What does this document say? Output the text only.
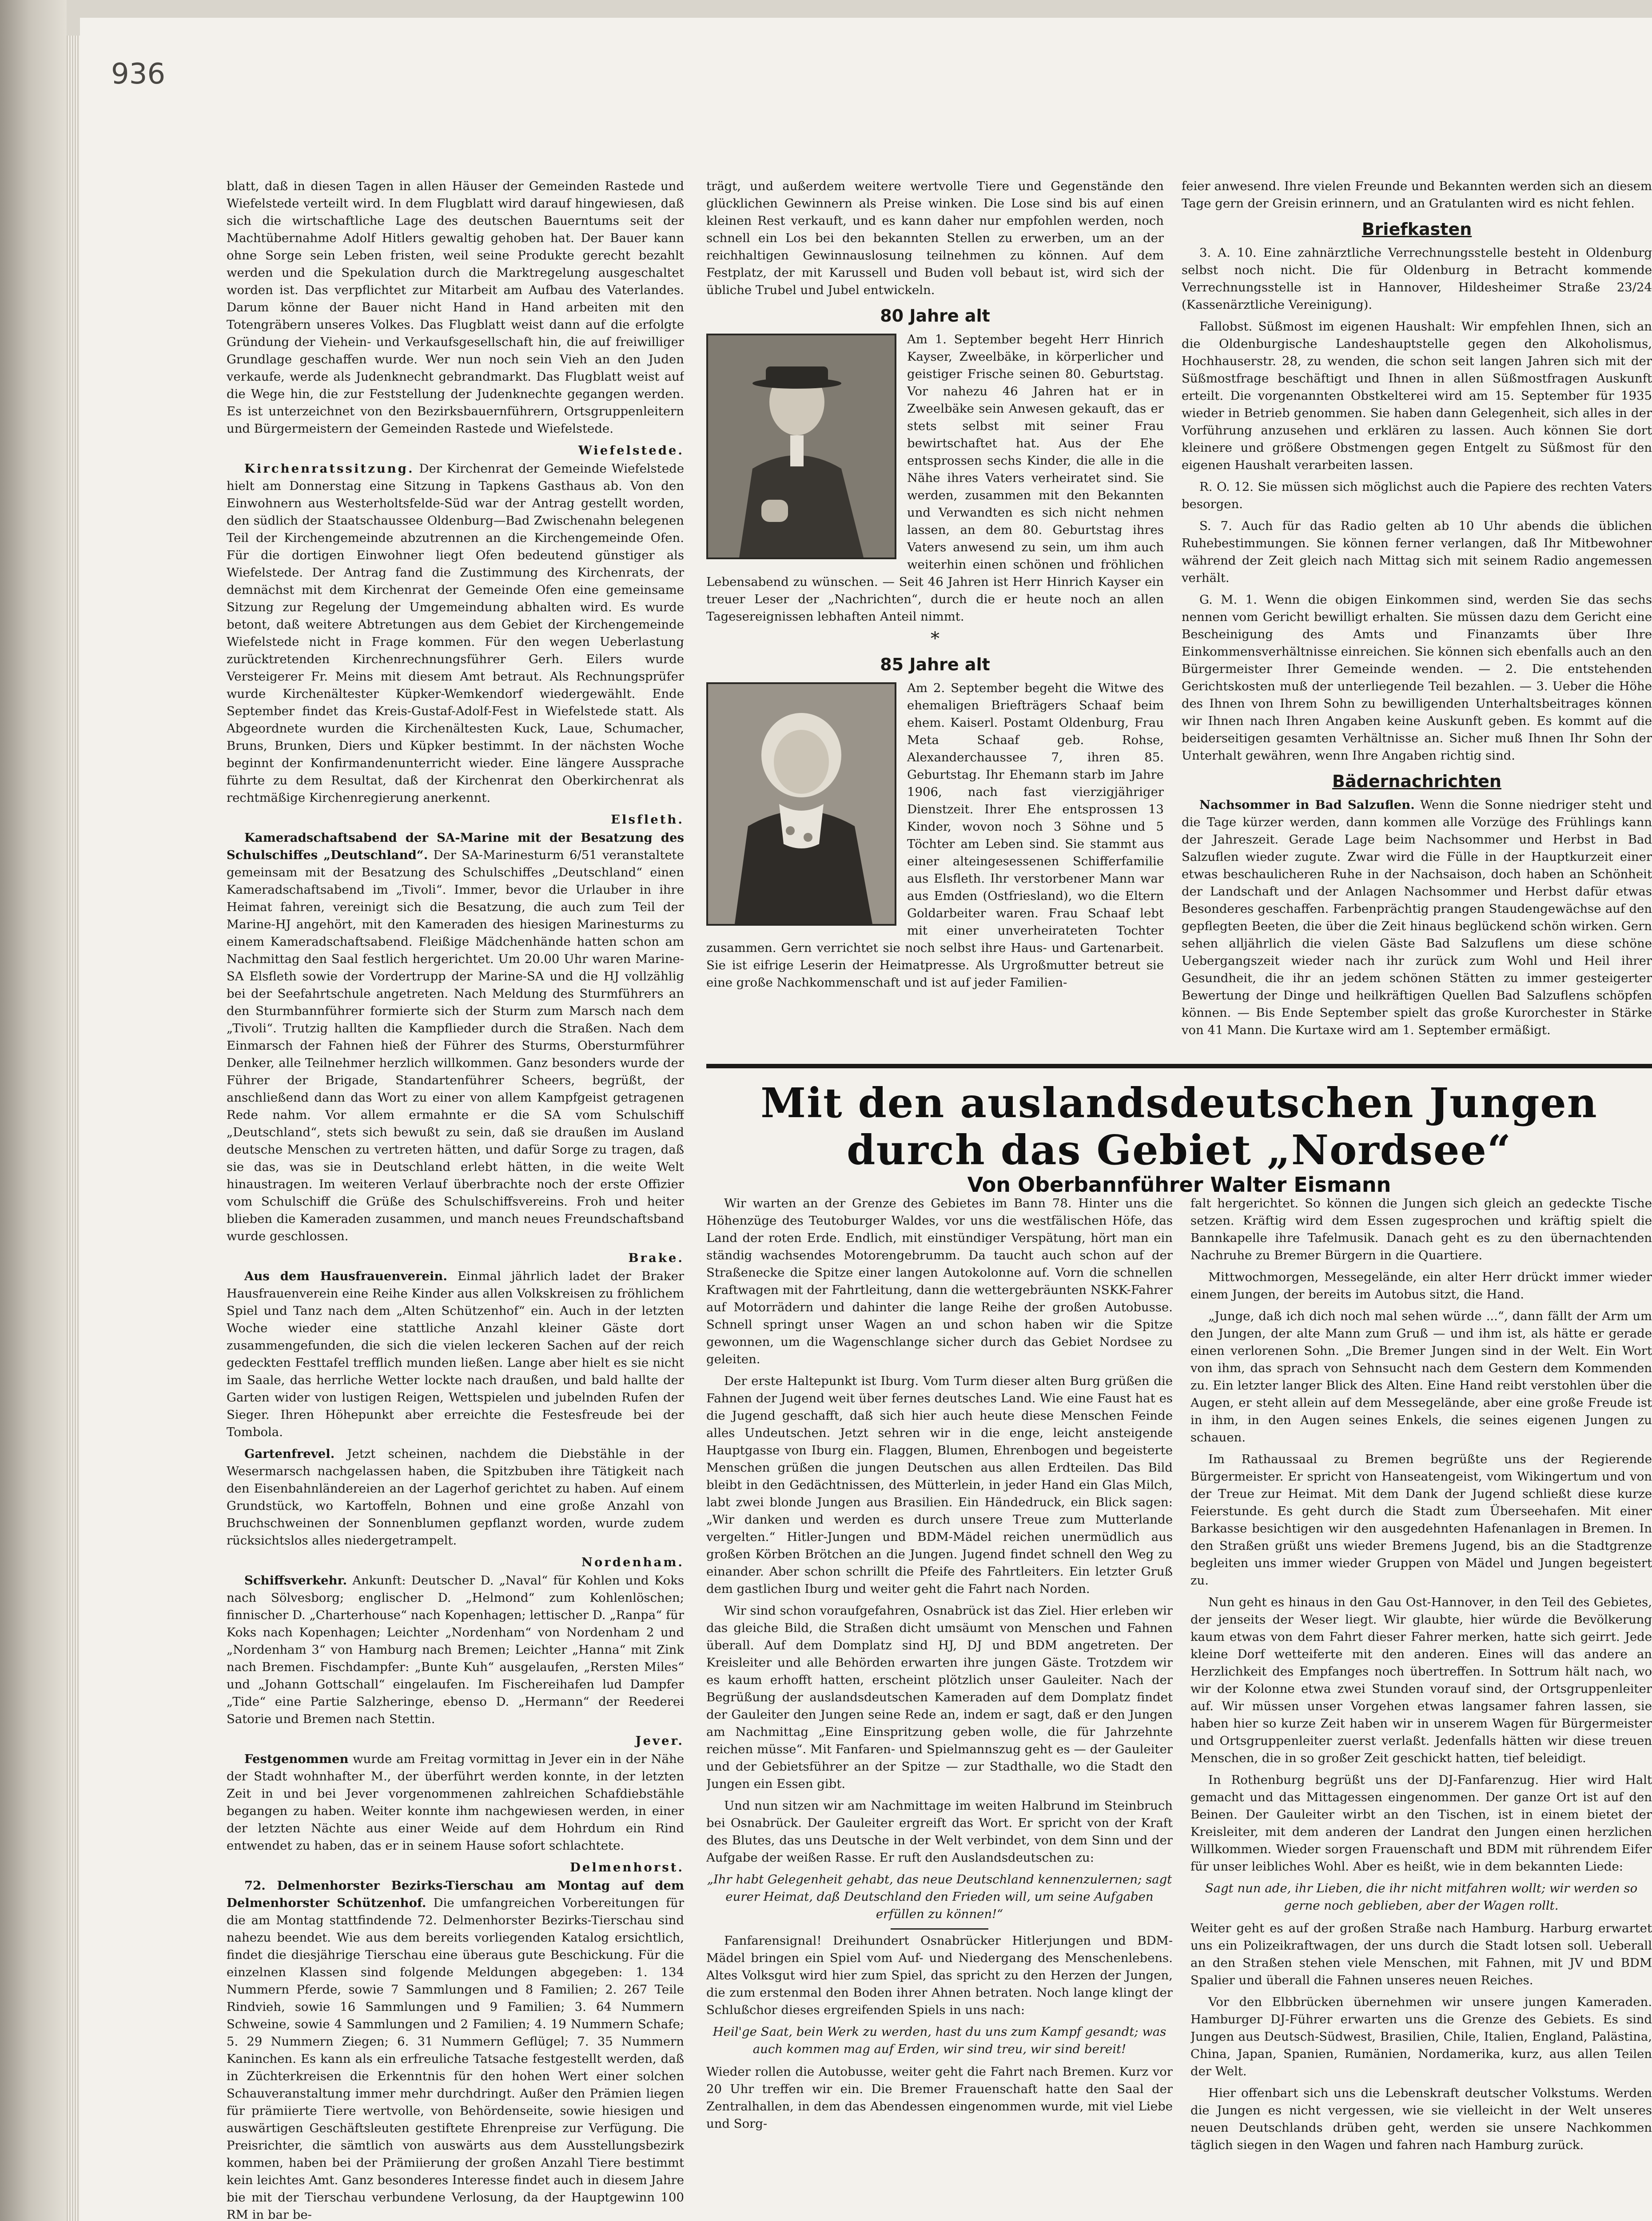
936

blatt, daß in diesen Tagen in allen Häuser der Gemeinden Rastede und Wiefelstede verteilt wird. In dem Flugblatt wird darauf hingewiesen, daß sich die wirtschaftliche Lage des deutschen Bauerntums seit der Machtübernahme Adolf Hitlers gewaltig gehoben hat. Der Bauer kann ohne Sorge sein Leben fristen, weil seine Produkte gerecht bezahlt werden und die Spekulation durch die Marktregelung ausgeschaltet worden ist. Das verpflichtet zur Mitarbeit am Aufbau des Vaterlandes. Darum könne der Bauer nicht Hand in Hand arbeiten mit den Totengräbern unseres Volkes. Das Flugblatt weist dann auf die erfolgte Gründung der Viehein- und Verkaufsgesellschaft hin, die auf freiwilliger Grundlage geschaffen wurde. Wer nun noch sein Vieh an den Juden verkaufe, werde als Judenknecht gebrandmarkt. Das Flugblatt weist auf die Wege hin, die zur Feststellung der Judenknechte gegangen werden. Es ist unterzeichnet von den Bezirksbauernführern, Ortsgruppenleitern und Bürgermeistern der Gemeinden Rastede und Wiefelstede.

Wiefelstede.

Kirchenratssitzung. Der Kirchenrat der Gemeinde Wiefelstede hielt am Donnerstag eine Sitzung in Tapkens Gasthaus ab. Von den Einwohnern aus Westerholtsfelde-Süd war der Antrag gestellt worden, den südlich der Staatschaussee Oldenburg—Bad Zwischenahn belegenen Teil der Kirchengemeinde abzutrennen an die Kirchengemeinde Ofen. Für die dortigen Einwohner liegt Ofen bedeutend günstiger als Wiefelstede. Der Antrag fand die Zustimmung des Kirchenrats, der demnächst mit dem Kirchenrat der Gemeinde Ofen eine gemeinsame Sitzung zur Regelung der Umgemeindung abhalten wird. Es wurde betont, daß weitere Abtretungen aus dem Gebiet der Kirchengemeinde Wiefelstede nicht in Frage kommen. Für den wegen Ueberlastung zurücktretenden Kirchenrechnungsführer Gerh. Eilers wurde Versteigerer Fr. Meins mit diesem Amt betraut. Als Rechnungsprüfer wurde Kirchenältester Küpker-Wemkendorf wiedergewählt. Ende September findet das Kreis-Gustaf-Adolf-Fest in Wiefelstede statt. Als Abgeordnete wurden die Kirchenältesten Kuck, Laue, Schumacher, Bruns, Brunken, Diers und Küpker bestimmt. In der nächsten Woche beginnt der Konfirmandenunterricht wieder. Eine längere Aussprache führte zu dem Resultat, daß der Kirchenrat den Oberkirchenrat als rechtmäßige Kirchenregierung anerkennt.

Elsfleth.

Kameradschaftsabend der SA-Marine mit der Besatzung des Schulschiffes „Deutschland“. Der SA-Marinesturm 6/51 veranstaltete gemeinsam mit der Besatzung des Schulschiffes „Deutschland“ einen Kameradschaftsabend im „Tivoli“. Immer, bevor die Urlauber in ihre Heimat fahren, vereinigt sich die Besatzung, die auch zum Teil der Marine-HJ angehört, mit den Kameraden des hiesigen Marinesturms zu einem Kameradschaftsabend. Fleißige Mädchenhände hatten schon am Nachmittag den Saal festlich hergerichtet. Um 20.00 Uhr waren Marine-SA Elsfleth sowie der Vordertrupp der Marine-SA und die HJ vollzählig bei der Seefahrtschule angetreten. Nach Meldung des Sturmführers an den Sturmbannführer formierte sich der Sturm zum Marsch nach dem „Tivoli“. Trutzig hallten die Kampflieder durch die Straßen. Nach dem Einmarsch der Fahnen hieß der Führer des Sturms, Obersturmführer Denker, alle Teilnehmer herzlich willkommen. Ganz besonders wurde der Führer der Brigade, Standartenführer Scheers, begrüßt, der anschließend dann das Wort zu einer von allem Kampfgeist getragenen Rede nahm. Vor allem ermahnte er die SA vom Schulschiff „Deutschland“, stets sich bewußt zu sein, daß sie draußen im Ausland deutsche Menschen zu vertreten hätten, und dafür Sorge zu tragen, daß sie das, was sie in Deutschland erlebt hätten, in die weite Welt hinaustragen. Im weiteren Verlauf überbrachte noch der erste Offizier vom Schulschiff die Grüße des Schulschiffsvereins. Froh und heiter blieben die Kameraden zusammen, und manch neues Freundschaftsband wurde geschlossen.

Brake.

Aus dem Hausfrauenverein. Einmal jährlich ladet der Braker Hausfrauenverein eine Reihe Kinder aus allen Volkskreisen zu fröhlichem Spiel und Tanz nach dem „Alten Schützenhof“ ein. Auch in der letzten Woche wieder eine stattliche Anzahl kleiner Gäste dort zusammengefunden, die sich die vielen leckeren Sachen auf der reich gedeckten Festtafel trefflich munden ließen. Lange aber hielt es sie nicht im Saale, das herrliche Wetter lockte nach draußen, und bald hallte der Garten wider von lustigen Reigen, Wettspielen und jubelnden Rufen der Sieger. Ihren Höhepunkt aber erreichte die Festesfreude bei der Tombola.

Gartenfrevel. Jetzt scheinen, nachdem die Diebstähle in der Wesermarsch nachgelassen haben, die Spitzbuben ihre Tätigkeit nach den Eisenbahnländereien an der Lagerhof gerichtet zu haben. Auf einem Grundstück, wo Kartoffeln, Bohnen und eine große Anzahl von Bruchschweinen der Sonnenblumen gepflanzt worden, wurde zudem rücksichtslos alles niedergetrampelt.

Nordenham.

Schiffsverkehr. Ankunft: Deutscher D. „Naval“ für Kohlen und Koks nach Sölvesborg; englischer D. „Helmond“ zum Kohlenlöschen; finnischer D. „Charterhouse“ nach Kopenhagen; lettischer D. „Ranpa“ für Koks nach Kopenhagen; Leichter „Nordenham“ von Nordenham 2 und „Nordenham 3“ von Hamburg nach Bremen; Leichter „Hanna“ mit Zink nach Bremen. Fischdampfer: „Bunte Kuh“ ausgelaufen, „Rersten Miles“ und „Johann Gottschall“ eingelaufen. Im Fischereihafen lud Dampfer „Tide“ eine Partie Salzheringe, ebenso D. „Hermann“ der Reederei Satorie und Bremen nach Stettin.

Jever.

Festgenommen wurde am Freitag vormittag in Jever ein in der Nähe der Stadt wohnhafter M., der überführt werden konnte, in der letzten Zeit in und bei Jever vorgenommenen zahlreichen Schafdiebstähle begangen zu haben. Weiter konnte ihm nachgewiesen werden, in einer der letzten Nächte aus einer Weide auf dem Hohrdum ein Rind entwendet zu haben, das er in seinem Hause sofort schlachtete.

Delmenhorst.

72. Delmenhorster Bezirks-Tierschau am Montag auf dem Delmenhorster Schützenhof. Die umfangreichen Vorbereitungen für die am Montag stattfindende 72. Delmenhorster Bezirks-Tierschau sind nahezu beendet. Wie aus dem bereits vorliegenden Katalog ersichtlich, findet die diesjährige Tierschau eine überaus gute Beschickung. Für die einzelnen Klassen sind folgende Meldungen abgegeben: 1. 134 Nummern Pferde, sowie 7 Sammlungen und 8 Familien; 2. 267 Teile Rindvieh, sowie 16 Sammlungen und 9 Familien; 3. 64 Nummern Schweine, sowie 4 Sammlungen und 2 Familien; 4. 19 Nummern Schafe; 5. 29 Nummern Ziegen; 6. 31 Nummern Geflügel; 7. 35 Nummern Kaninchen. Es kann als ein erfreuliche Tatsache festgestellt werden, daß in Züchterkreisen die Erkenntnis für den hohen Wert einer solchen Schauveranstaltung immer mehr durchdringt. Außer den Prämien liegen für prämiierte Tiere wertvolle, von Behördenseite, sowie hiesigen und auswärtigen Geschäftsleuten gestiftete Ehrenpreise zur Verfügung. Die Preisrichter, die sämtlich von auswärts aus dem Ausstellungsbezirk kommen, haben bei der Prämiierung der großen Anzahl Tiere bestimmt kein leichtes Amt. Ganz besonderes Interesse findet auch in diesem Jahre bie mit der Tierschau verbundene Verlosung, da der Hauptgewinn 100 RM in bar be-

trägt, und außerdem weitere wertvolle Tiere und Gegenstände den glücklichen Gewinnern als Preise winken. Die Lose sind bis auf einen kleinen Rest verkauft, und es kann daher nur empfohlen werden, noch schnell ein Los bei den bekannten Stellen zu erwerben, um an der reichhaltigen Gewinnauslosung teilnehmen zu können. Auf dem Festplatz, der mit Karussell und Buden voll bebaut ist, wird sich der übliche Trubel und Jubel entwickeln.

80 Jahre alt

Am 1. September begeht Herr Hinrich Kayser, Zweelbäke, in körperlicher und geistiger Frische seinen 80. Geburtstag. Vor nahezu 46 Jahren hat er in Zweelbäke sein Anwesen gekauft, das er stets selbst mit seiner Frau bewirtschaftet hat. Aus der Ehe entsprossen sechs Kinder, die alle in die Nähe ihres Vaters verheiratet sind. Sie werden, zusammen mit den Bekannten und Verwandten es sich nicht nehmen lassen, an dem 80. Geburtstag ihres Vaters anwesend zu sein, um ihm auch weiterhin einen schönen und fröhlichen Lebensabend zu wünschen. — Seit 46 Jahren ist Herr Hinrich Kayser ein treuer Leser der „Nachrichten“, durch die er heute noch an allen Tagesereignissen lebhaften Anteil nimmt.

*
85 Jahre alt

Am 2. September begeht die Witwe des ehemaligen Briefträgers Schaaf beim ehem. Kaiserl. Postamt Oldenburg, Frau Meta Schaaf geb. Rohse, Alexanderchaussee 7, ihren 85. Geburtstag. Ihr Ehemann starb im Jahre 1906, nach fast vierzigjähriger Dienstzeit. Ihrer Ehe entsprossen 13 Kinder, wovon noch 3 Söhne und 5 Töchter am Leben sind. Sie stammt aus einer alteingesessenen Schifferfamilie aus Elsfleth. Ihr verstorbener Mann war aus Emden (Ostfriesland), wo die Eltern Goldarbeiter waren. Frau Schaaf lebt mit einer unverheirateten Tochter zusammen. Gern verrichtet sie noch selbst ihre Haus- und Gartenarbeit. Sie ist eifrige Leserin der Heimatpresse. Als Urgroßmutter betreut sie eine große Nachkommenschaft und ist auf jeder Familien-

feier anwesend. Ihre vielen Freunde und Bekannten werden sich an diesem Tage gern der Greisin erinnern, und an Gratulanten wird es nicht fehlen.

Briefkasten

3. A. 10. Eine zahnärztliche Verrechnungsstelle besteht in Oldenburg selbst noch nicht. Die für Oldenburg in Betracht kommende Verrechnungsstelle ist in Hannover, Hildesheimer Straße 23/24 (Kassenärztliche Vereinigung).

Fallobst. Süßmost im eigenen Haushalt: Wir empfehlen Ihnen, sich an die Oldenburgische Landeshauptstelle gegen den Alkoholismus, Hochhauserstr. 28, zu wenden, die schon seit langen Jahren sich mit der Süßmostfrage beschäftigt und Ihnen in allen Süßmostfragen Auskunft erteilt. Die vorgenannten Obstkelterei wird am 15. September für 1935 wieder in Betrieb genommen. Sie haben dann Gelegenheit, sich alles in der Vorführung anzusehen und erklären zu lassen. Auch können Sie dort kleinere und größere Obstmengen gegen Entgelt zu Süßmost für den eigenen Haushalt verarbeiten lassen.

R. O. 12. Sie müssen sich möglichst auch die Papiere des rechten Vaters besorgen.

S. 7. Auch für das Radio gelten ab 10 Uhr abends die üblichen Ruhebestimmungen. Sie können ferner verlangen, daß Ihr Mitbewohner während der Zeit gleich nach Mittag sich mit seinem Radio angemessen verhält.

G. M. 1. Wenn die obigen Einkommen sind, werden Sie das sechs nennen vom Gericht bewilligt erhalten. Sie müssen dazu dem Gericht eine Bescheinigung des Amts und Finanzamts über Ihre Einkommensverhältnisse einreichen. Sie können sich ebenfalls auch an den Bürgermeister Ihrer Gemeinde wenden. — 2. Die entstehenden Gerichtskosten muß der unterliegende Teil bezahlen. — 3. Ueber die Höhe des Ihnen von Ihrem Sohn zu bewilligenden Unterhaltsbeitrages können wir Ihnen nach Ihren Angaben keine Auskunft geben. Es kommt auf die beiderseitigen gesamten Verhältnisse an. Sicher muß Ihnen Ihr Sohn der Unterhalt gewähren, wenn Ihre Angaben richtig sind.

Bädernachrichten

Nachsommer in Bad Salzuflen. Wenn die Sonne niedriger steht und die Tage kürzer werden, dann kommen alle Vorzüge des Frühlings kann der Jahreszeit. Gerade Lage beim Nachsommer und Herbst in Bad Salzuflen wieder zugute. Zwar wird die Fülle in der Hauptkurzeit einer etwas beschaulicheren Ruhe in der Nachsaison, doch haben an Schönheit der Landschaft und der Anlagen Nachsommer und Herbst dafür etwas Besonderes geschaffen. Farbenprächtig prangen Staudengewächse auf den gepflegten Beeten, die über die Zeit hinaus beglückend schön wirken. Gern sehen alljährlich die vielen Gäste Bad Salzuflens um diese schöne Uebergangszeit wieder nach ihr zurück zum Wohl und Heil ihrer Gesundheit, die ihr an jedem schönen Stätten zu immer gesteigerter Bewertung der Dinge und heilkräftigen Quellen Bad Salzuflens schöpfen können. — Bis Ende September spielt das große Kurorchester in Stärke von 41 Mann. Die Kurtaxe wird am 1. September ermäßigt.

Mit den auslandsdeutschen Jungen durch das Gebiet „Nordsee“
Von Oberbannführer Walter Eismann

Wir warten an der Grenze des Gebietes im Bann 78. Hinter uns die Höhenzüge des Teutoburger Waldes, vor uns die westfälischen Höfe, das Land der roten Erde. Endlich, mit einstündiger Verspätung, hört man ein ständig wachsendes Motorengebrumm. Da taucht auch schon auf der Straßenecke die Spitze einer langen Autokolonne auf. Vorn die schnellen Kraftwagen mit der Fahrtleitung, dann die wettergebräunten NSKK-Fahrer auf Motorrädern und dahinter die lange Reihe der großen Autobusse. Schnell springt unser Wagen an und schon haben wir die Spitze gewonnen, um die Wagenschlange sicher durch das Gebiet Nordsee zu geleiten.

Der erste Haltepunkt ist Iburg. Vom Turm dieser alten Burg grüßen die Fahnen der Jugend weit über fernes deutsches Land. Wie eine Faust hat es die Jugend geschafft, daß sich hier auch heute diese Menschen Feinde alles Undeutschen. Jetzt sehren wir in die enge, leicht ansteigende Hauptgasse von Iburg ein. Flaggen, Blumen, Ehrenbogen und begeisterte Menschen grüßen die jungen Deutschen aus allen Erdteilen. Das Bild bleibt in den Gedächtnissen, des Mütterlein, in jeder Hand ein Glas Milch, labt zwei blonde Jungen aus Brasilien. Ein Händedruck, ein Blick sagen: „Wir danken und werden es durch unsere Treue zum Mutterlande vergelten.“ Hitler-Jungen und BDM-Mädel reichen unermüdlich aus großen Körben Brötchen an die Jungen. Jugend findet schnell den Weg zu einander. Aber schon schrillt die Pfeife des Fahrtleiters. Ein letzter Gruß dem gastlichen Iburg und weiter geht die Fahrt nach Norden.

Wir sind schon voraufgefahren, Osnabrück ist das Ziel. Hier erleben wir das gleiche Bild, die Straßen dicht umsäumt von Menschen und Fahnen überall. Auf dem Domplatz sind HJ, DJ und BDM angetreten. Der Kreisleiter und alle Behörden erwarten ihre jungen Gäste. Trotzdem wir es kaum erhofft hatten, erscheint plötzlich unser Gauleiter. Nach der Begrüßung der auslandsdeutschen Kameraden auf dem Domplatz findet der Gauleiter den Jungen seine Rede an, indem er sagt, daß er den Jungen am Nachmittag „Eine Einspritzung geben wolle, die für Jahrzehnte reichen müsse“. Mit Fanfaren- und Spielmannszug geht es — der Gauleiter und der Gebietsführer an der Spitze — zur Stadthalle, wo die Stadt den Jungen ein Essen gibt.

Und nun sitzen wir am Nachmittage im weiten Halbrund im Steinbruch bei Osnabrück. Der Gauleiter ergreift das Wort. Er spricht von der Kraft des Blutes, das uns Deutsche in der Welt verbindet, von dem Sinn und der Aufgabe der weißen Rasse. Er ruft den Auslandsdeutschen zu:

„Ihr habt Gelegenheit gehabt, das neue Deutschland kennenzulernen; sagt eurer Heimat, daß Deutschland den Frieden will, um seine Aufgaben erfüllen zu können!“

Fanfarensignal! Dreihundert Osnabrücker Hitlerjungen und BDM-Mädel bringen ein Spiel vom Auf- und Niedergang des Menschenlebens. Altes Volksgut wird hier zum Spiel, das spricht zu den Herzen der Jungen, die zum erstenmal den Boden ihrer Ahnen betraten. Noch lange klingt der Schlußchor dieses ergreifenden Spiels in uns nach:

Heil'ge Saat, bein Werk zu werden, hast du uns zum Kampf gesandt; was auch kommen mag auf Erden, wir sind treu, wir sind bereit!

Wieder rollen die Autobusse, weiter geht die Fahrt nach Bremen. Kurz vor 20 Uhr treffen wir ein. Die Bremer Frauenschaft hatte den Saal der Zentralhallen, in dem das Abendessen eingenommen wurde, mit viel Liebe und Sorg-

falt hergerichtet. So können die Jungen sich gleich an gedeckte Tische setzen. Kräftig wird dem Essen zugesprochen und kräftig spielt die Bannkapelle ihre Tafelmusik. Danach geht es zu den übernachtenden Nachruhe zu Bremer Bürgern in die Quartiere.

Mittwochmorgen, Messegelände, ein alter Herr drückt immer wieder einem Jungen, der bereits im Autobus sitzt, die Hand.

„Junge, daß ich dich noch mal sehen würde ...“, dann fällt der Arm um den Jungen, der alte Mann zum Gruß — und ihm ist, als hätte er gerade einen verlorenen Sohn. „Die Bremer Jungen sind in der Welt. Ein Wort von ihm, das sprach von Sehnsucht nach dem Gestern dem Kommenden zu. Ein letzter langer Blick des Alten. Eine Hand reibt verstohlen über die Augen, er steht allein auf dem Messegelände, aber eine große Freude ist in ihm, in den Augen seines Enkels, die seines eigenen Jungen zu schauen.

Im Rathaussaal zu Bremen begrüßte uns der Regierende Bürgermeister. Er spricht von Hanseatengeist, vom Wikingertum und von der Treue zur Heimat. Mit dem Dank der Jugend schließt diese kurze Feierstunde. Es geht durch die Stadt zum Überseehafen. Mit einer Barkasse besichtigen wir den ausgedehnten Hafenanlagen in Bremen. In den Straßen grüßt uns wieder Bremens Jugend, bis an die Stadtgrenze begleiten uns immer wieder Gruppen von Mädel und Jungen begeistert zu.

Nun geht es hinaus in den Gau Ost-Hannover, in den Teil des Gebietes, der jenseits der Weser liegt. Wir glaubte, hier würde die Bevölkerung kaum etwas von dem Fahrt dieser Fahrer merken, hatte sich geirrt. Jede kleine Dorf wetteiferte mit den anderen. Eines will das andere an Herzlichkeit des Empfanges noch übertreffen. In Sottrum hält nach, wo wir der Kolonne etwa zwei Stunden vorauf sind, der Ortsgruppenleiter auf. Wir müssen unser Vorgehen etwas langsamer fahren lassen, sie haben hier so kurze Zeit haben wir in unserem Wagen für Bürgermeister und Ortsgruppenleiter zuerst verlaßt. Jedenfalls hätten wir diese treuen Menschen, die in so großer Zeit geschickt hatten, tief beleidigt.

In Rothenburg begrüßt uns der DJ-Fanfarenzug. Hier wird Halt gemacht und das Mittagessen eingenommen. Der ganze Ort ist auf den Beinen. Der Gauleiter wirbt an den Tischen, ist in einem bietet der Kreisleiter, mit dem anderen der Landrat den Jungen einen herzlichen Willkommen. Wieder sorgen Frauenschaft und BDM mit rührendem Eifer für unser leibliches Wohl. Aber es heißt, wie in dem bekannten Liede:

Sagt nun ade, ihr Lieben, die ihr nicht mitfahren wollt; wir werden so gerne noch geblieben, aber der Wagen rollt.

Weiter geht es auf der großen Straße nach Hamburg. Harburg erwartet uns ein Polizeikraftwagen, der uns durch die Stadt lotsen soll. Ueberall an den Straßen stehen viele Menschen, mit Fahnen, mit JV und BDM Spalier und überall die Fahnen unseres neuen Reiches.

Vor den Elbbrücken übernehmen wir unsere jungen Kameraden. Hamburger DJ-Führer erwarten uns die Grenze des Gebiets. Es sind Jungen aus Deutsch-Südwest, Brasilien, Chile, Italien, England, Palästina, China, Japan, Spanien, Rumänien, Nordamerika, kurz, aus allen Teilen der Welt.

Hier offenbart sich uns die Lebenskraft deutscher Volkstums. Werden die Jungen es nicht vergessen, wie sie vielleicht in der Welt unseres neuen Deutschlands drüben geht, werden sie unsere Nachkommen täglich siegen in den Wagen und fahren nach Hamburg zurück.
